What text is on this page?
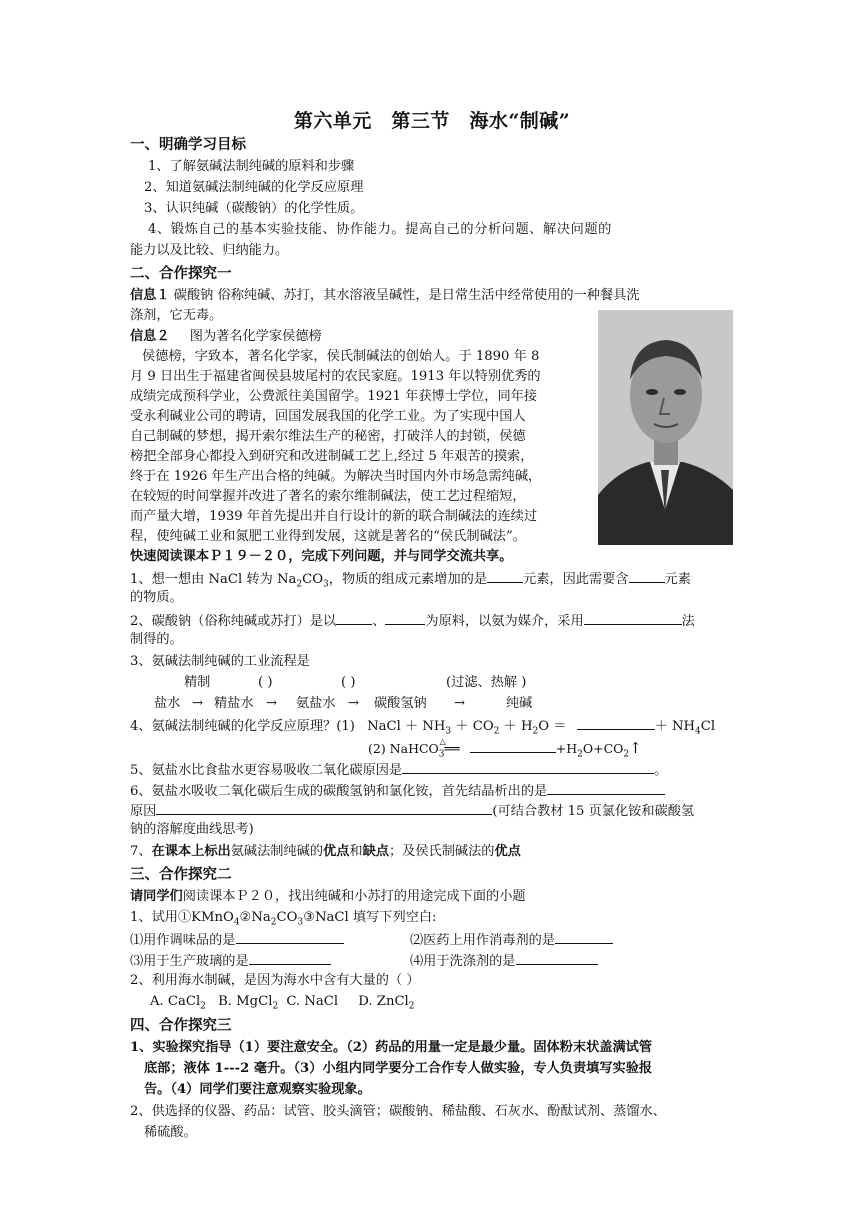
第六单元　第三节　海水“制碱”
一、明确学习目标
1、了解氨碱法制纯碱的原料和步骤
2、知道氨碱法制纯碱的化学反应原理
3、认识纯碱（碳酸钠）的化学性质。
4、锻炼自己的基本实验技能、协作能力。提高自己的分析问题、解决问题的
能力以及比较、归纳能力。
二、合作探究一
信息１ 碳酸钠 俗称纯碱、苏打，其水溶液呈碱性，是日常生活中经常使用的一种餐具洗
涤剂，它无毒。
信息２ 图为著名化学家侯德榜
侯德榜，字致本，著名化学家，侯氏制碱法的创始人。于 1890 年 8
月 9 日出生于福建省闽侯县坡尾村的农民家庭。1913 年以特别优秀的
成绩完成预科学业，公费派往美国留学。1921 年获博士学位，同年接
受永利碱业公司的聘请，回国发展我国的化学工业。为了实现中国人
自己制碱的梦想，揭开索尔维法生产的秘密，打破洋人的封锁，侯德
榜把全部身心都投入到研究和改进制碱工艺上,经过 5 年艰苦的摸索，
终于在 1926 年生产出合格的纯碱。为解决当时国内外市场急需纯碱，
在较短的时间掌握并改进了著名的索尔维制碱法，使工艺过程缩短，
而产量大增，1939 年首先提出并自行设计的新的联合制碱法的连续过
程，使纯碱工业和氮肥工业得到发展，这就是著名的“侯氏制碱法”。
快速阅读课本Ｐ１９－２０，完成下列问题，并与同学交流共享。
1、想一想由 NaCl 转为 $Na_2CO_3$，物质的组成元素增加的是	元素，因此需要含	元素
的物质。
2、碳酸钠（俗称纯碱或苏打）是以	、	为原料，以氨为媒介，采用	法
制得的。
3、氨碱法制纯碱的工业流程是
精制	( )	( )	(过滤、热解 )
盐水 → 精盐水 → 氨盐水 → 碳酸氢钠 →	纯碱
4、氨碱法制纯碱的化学反应原理？(1) NaCl ＋ $NH_3 + CO_2 + H_2O$ ＝	＋ $NH_4Cl$
(2) NaHCO$_3$══△	$+H_2O+CO_2↑$
5、氨盐水比食盐水更容易吸收二氧化碳原因是	。
6、氨盐水吸收二氧化碳后生成的碳酸氢钠和氯化铵，首先结晶析出的是
原因	(可结合教材 15 页氯化铵和碳酸氢
钠的溶解度曲线思考)
7、在课本上标出氨碱法制纯碱的优点和缺点；及侯氏制碱法的优点
三、合作探究二
请同学们阅读课本Ｐ２０，找出纯碱和小苏打的用途完成下面的小题
1、试用$①KMnO_4②Na_2CO_3③NaCl$ 填写下列空白:
⑴用作调味品的是	⑵医药上用作消毒剂的是
⑶用于生产玻璃的是	⑷用于洗涤剂的是
2、利用海水制碱，是因为海水中含有大量的（ ）
A. CaCl$_2$ B. MgCl$_2$ C. NaCl D. ZnCl$_2$
四、合作探究三
1、实验探究指导（1）要注意安全。（2）药品的用量一定是最少量。固体粉末状盖满试管
底部；液体 1---2 毫升。（3）小组内同学要分工合作专人做实验，专人负责填写实验报
告。（4）同学们要注意观察实验现象。
2、供选择的仪器、药品：试管、胶头滴管；碳酸钠、稀盐酸、石灰水、酚酞试剂、蒸馏水、
稀硫酸。
